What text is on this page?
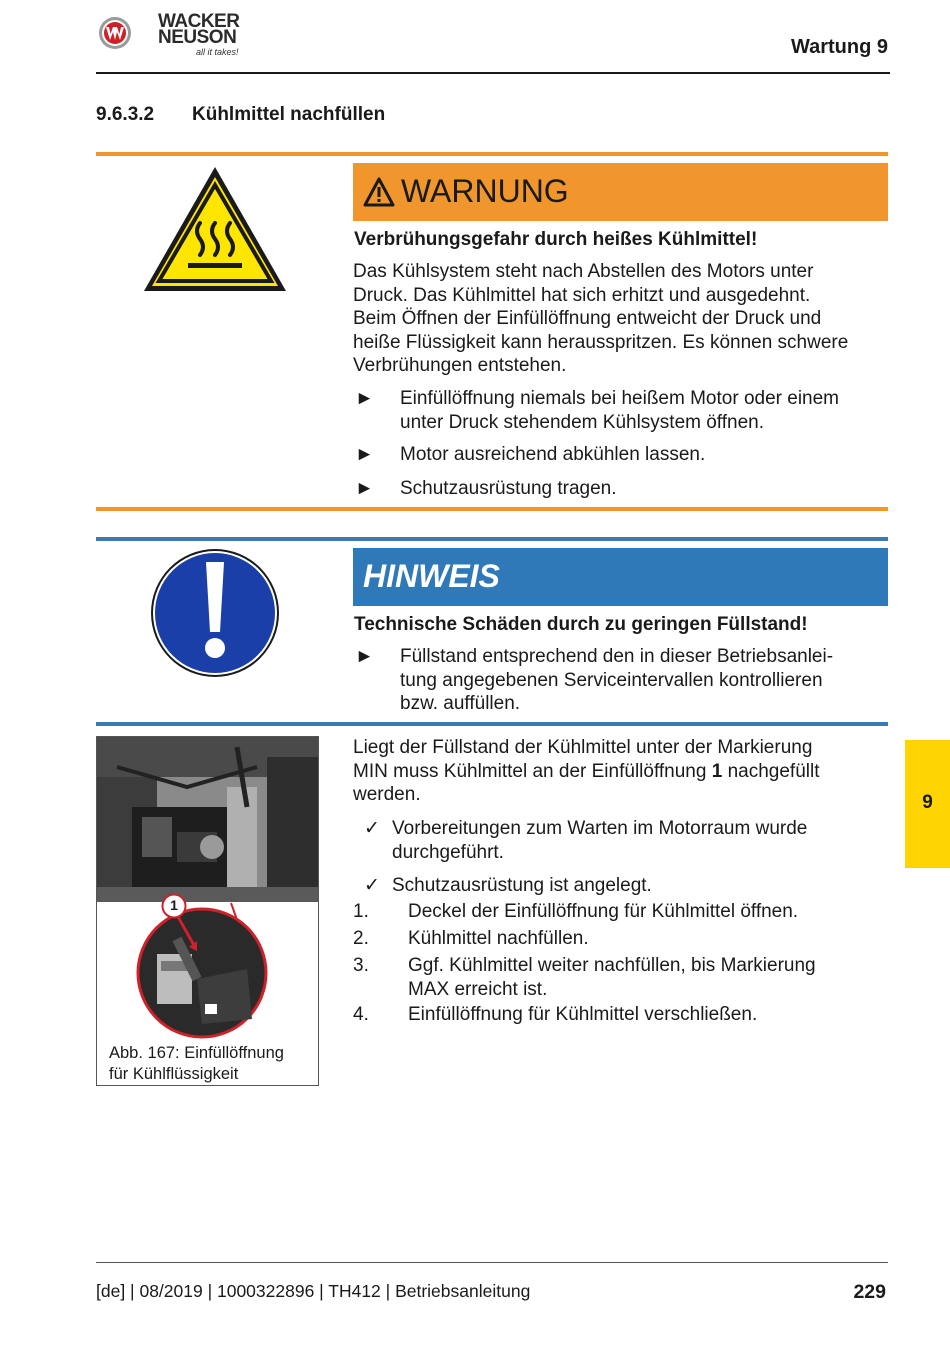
WACKER
NEUSON
all it takes!	Wartung 9
9.6.3.2 Kühlmittel nachfüllen
WARNUNG
Verbrühungsgefahr durch heißes Kühlmittel!
Das Kühlsystem steht nach Abstellen des Motors unter
Druck. Das Kühlmittel hat sich erhitzt und ausgedehnt.
Beim Öffnen der Einfüllöffnung entweicht der Druck und
heiße Flüssigkeit kann herausspritzen. Es können schwere
Verbrühungen entstehen.
► Einfüllöffnung niemals bei heißem Motor oder einem
unter Druck stehendem Kühlsystem öffnen.
► Motor ausreichend abkühlen lassen.
► Schutzausrüstung tragen.
HINWEIS
Technische Schäden durch zu geringen Füllstand!
► Füllstand entsprechend den in dieser Betriebsanlei-
tung angegebenen Serviceintervallen kontrollieren
bzw. auffüllen.
1
Abb. 167: Einfüllöffnung
für Kühlflüssigkeit
Liegt der Füllstand der Kühlmittel unter der Markierung
MIN muss Kühlmittel an der Einfüllöffnung 1 nachgefüllt
werden.
✓ Vorbereitungen zum Warten im Motorraum wurde
durchgeführt.
✓ Schutzausrüstung ist angelegt.
1. Deckel der Einfüllöffnung für Kühlmittel öffnen.
2. Kühlmittel nachfüllen.
3. Ggf. Kühlmittel weiter nachfüllen, bis Markierung
MAX erreicht ist.
4. Einfüllöffnung für Kühlmittel verschließen.
9
[de] | 08/2019 | 1000322896 | TH412 | Betriebsanleitung	229
